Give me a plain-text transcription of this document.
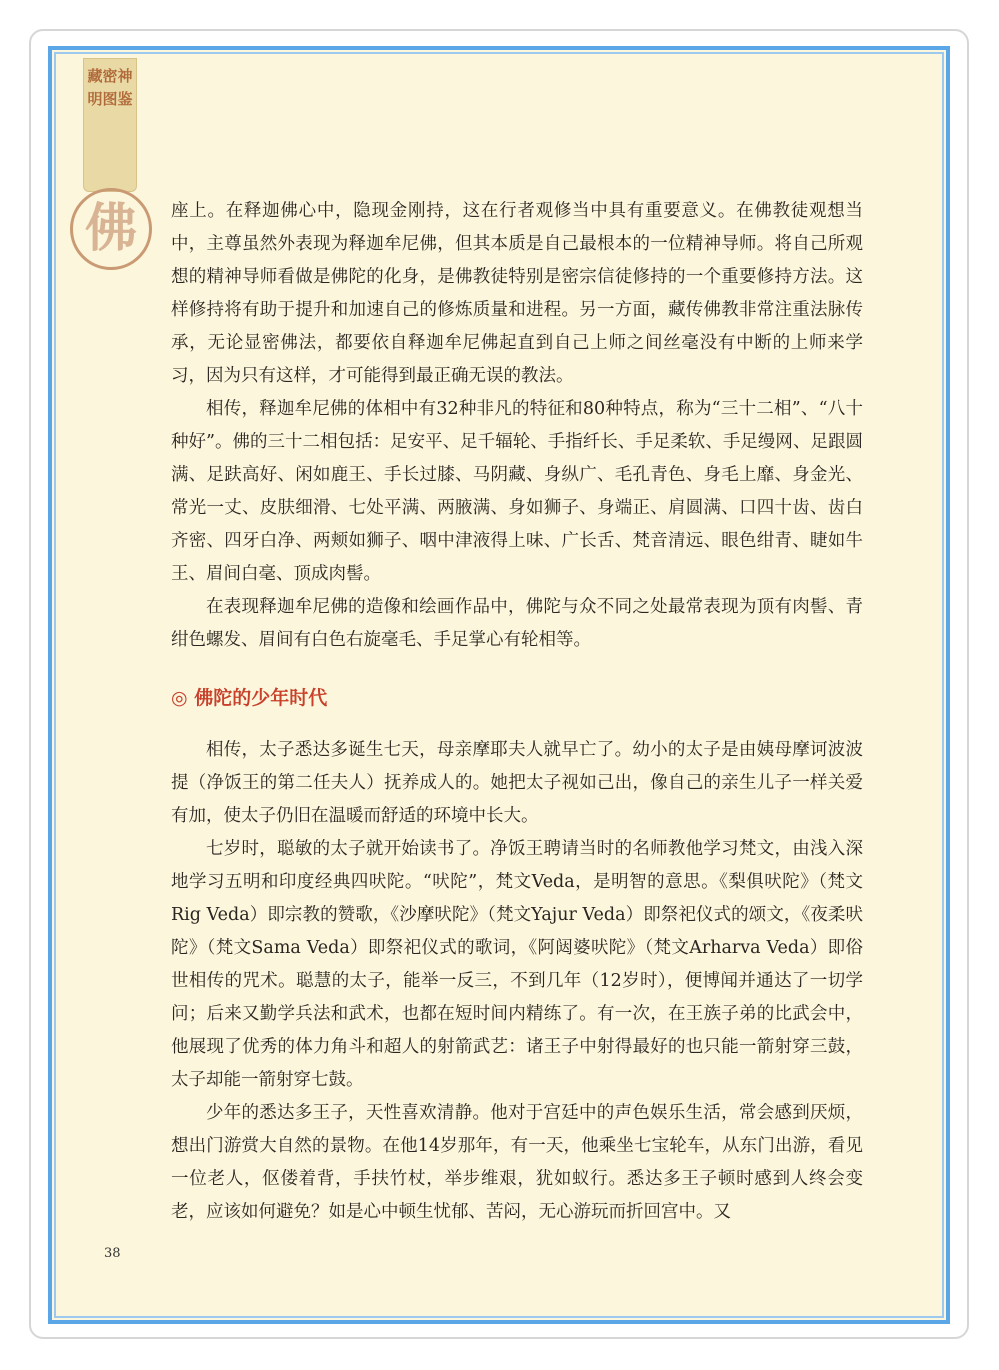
藏密神明图鉴
佛	座上。在释迦佛心中，隐现金刚持，这在行者观修当中具有重要意义。在佛教徒观想当中，主尊虽然外表现为释迦牟尼佛，但其本质是自己最根本的一位精神导师。将自己所观想的精神导师看做是佛陀的化身，是佛教徒特别是密宗信徒修持的一个重要修持方法。这样修持将有助于提升和加速自己的修炼质量和进程。另一方面，藏传佛教非常注重法脉传承，无论显密佛法，都要依自释迦牟尼佛起直到自己上师之间丝毫没有中断的上师来学习，因为只有这样，才可能得到最正确无误的教法。

相传，释迦牟尼佛的体相中有32种非凡的特征和80种特点，称为“三十二相”、“八十种好”。佛的三十二相包括：足安平、足千辐轮、手指纤长、手足柔软、手足缦网、足跟圆满、足趺高好、闲如鹿王、手长过膝、马阴藏、身纵广、毛孔青色、身毛上靡、身金光、常光一丈、皮肤细滑、七处平满、两腋满、身如狮子、身端正、肩圆满、口四十齿、齿白齐密、四牙白净、两颊如狮子、咽中津液得上味、广长舌、梵音清远、眼色绀青、睫如牛王、眉间白毫、顶成肉髻。

在表现释迦牟尼佛的造像和绘画作品中，佛陀与众不同之处最常表现为顶有肉髻、青绀色螺发、眉间有白色右旋毫毛、手足掌心有轮相等。

◎ 佛陀的少年时代

相传，太子悉达多诞生七天，母亲摩耶夫人就早亡了。幼小的太子是由姨母摩诃波波提（净饭王的第二任夫人）抚养成人的。她把太子视如己出，像自己的亲生儿子一样关爱有加，使太子仍旧在温暖而舒适的环境中长大。

七岁时，聪敏的太子就开始读书了。净饭王聘请当时的名师教他学习梵文，由浅入深地学习五明和印度经典四吠陀。“吠陀”，梵文Veda，是明智的意思。《梨俱吠陀》（梵文Rig Veda）即宗教的赞歌，《沙摩吠陀》（梵文Yajur Veda）即祭祀仪式的颂文，《夜柔吠陀》（梵文Sama Veda）即祭祀仪式的歌词，《阿闼婆吠陀》（梵文Arharva Veda）即俗世相传的咒术。聪慧的太子，能举一反三，不到几年（12岁时），便博闻并通达了一切学问；后来又勤学兵法和武术，也都在短时间内精练了。有一次，在王族子弟的比武会中，他展现了优秀的体力角斗和超人的射箭武艺：诸王子中射得最好的也只能一箭射穿三鼓，太子却能一箭射穿七鼓。

少年的悉达多王子，天性喜欢清静。他对于宫廷中的声色娱乐生活，常会感到厌烦，想出门游赏大自然的景物。在他14岁那年，有一天，他乘坐七宝轮车，从东门出游，看见一位老人，伛偻着背，手扶竹杖，举步维艰，犹如蚁行。悉达多王子顿时感到人终会变老，应该如何避免？如是心中顿生忧郁、苦闷，无心游玩而折回宫中。又

38
